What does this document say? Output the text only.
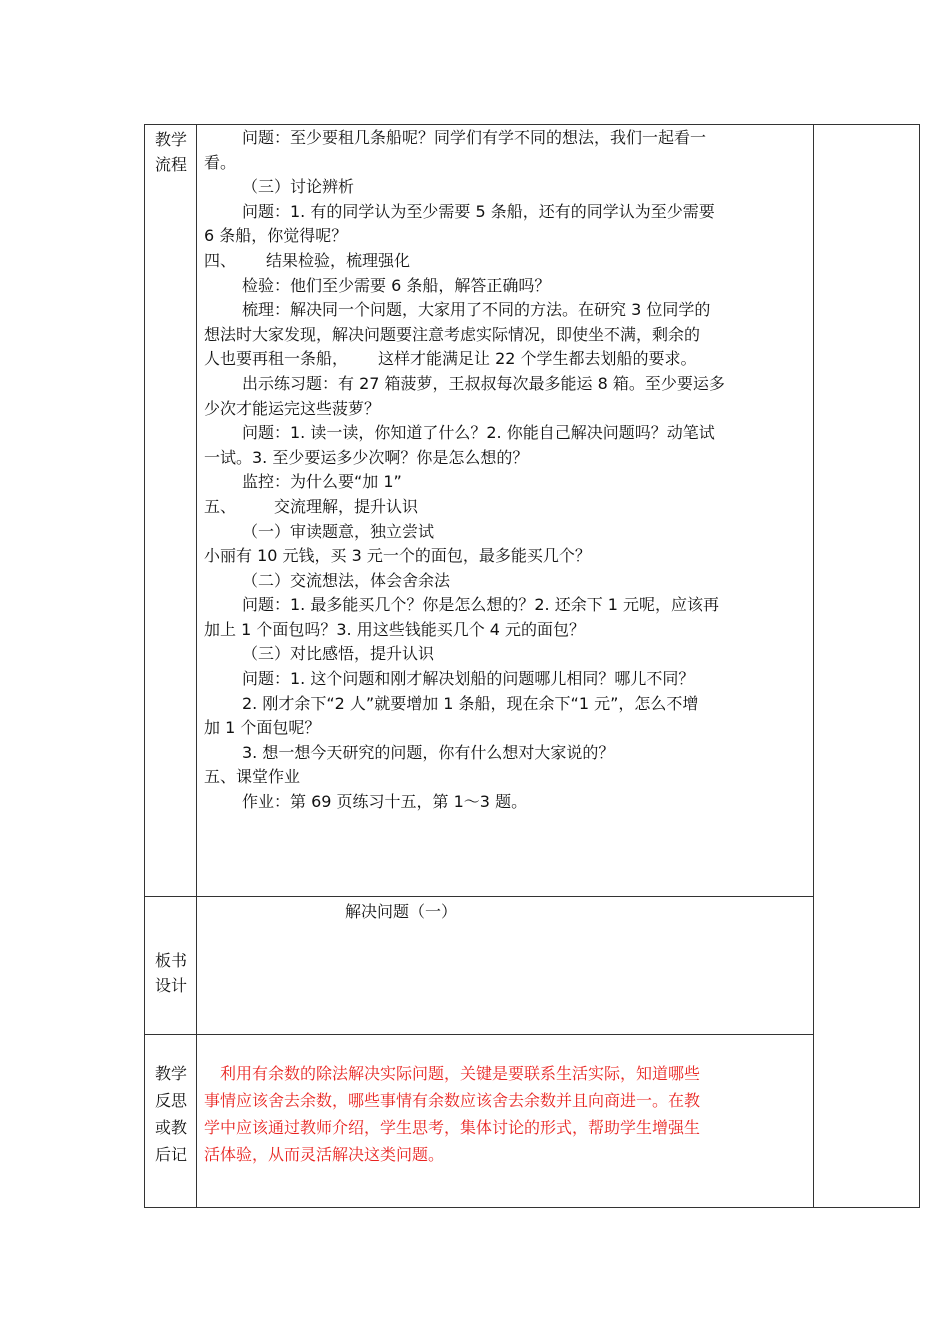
教学
流程
板书
设计
教学
反思
或教
后记
问题：至少要租几条船呢？同学们有学不同的想法，我们一起看一
看。
（三）讨论辨析
问题：1. 有的同学认为至少需要 5 条船，还有的同学认为至少需要
6 条船，你觉得呢？
四、 结果检验，梳理强化
检验：他们至少需要 6 条船，解答正确吗？
梳理：解决同一个问题，大家用了不同的方法。在研究 3 位同学的
想法时大家发现，解决问题要注意考虑实际情况，即使坐不满，剩余的
人也要再租一条船， 这样才能满足让 22 个学生都去划船的要求。
出示练习题：有 27 箱菠萝，王叔叔每次最多能运 8 箱。至少要运多
少次才能运完这些菠萝？
问题：1. 读一读，你知道了什么？2. 你能自己解决问题吗？动笔试
一试。3. 至少要运多少次啊？你是怎么想的？
监控：为什么要“加 1”
五、 交流理解，提升认识
（一）审读题意，独立尝试
小丽有 10 元钱，买 3 元一个的面包，最多能买几个？
（二）交流想法，体会舍余法
问题：1. 最多能买几个？你是怎么想的？2. 还余下 1 元呢，应该再
加上 1 个面包吗？3. 用这些钱能买几个 4 元的面包？
（三）对比感悟，提升认识
问题：1. 这个问题和刚才解决划船的问题哪儿相同？哪儿不同？
2. 刚才余下“2 人”就要增加 1 条船，现在余下“1 元”，怎么不增
加 1 个面包呢？
3. 想一想今天研究的问题，你有什么想对大家说的？
五、课堂作业
作业：第 69 页练习十五，第 1～3 题。
解决问题（一）
利用有余数的除法解决实际问题，关键是要联系生活实际，知道哪些
事情应该舍去余数，哪些事情有余数应该舍去余数并且向商进一。在教
学中应该通过教师介绍，学生思考，集体讨论的形式，帮助学生增强生
活体验，从而灵活解决这类问题。
